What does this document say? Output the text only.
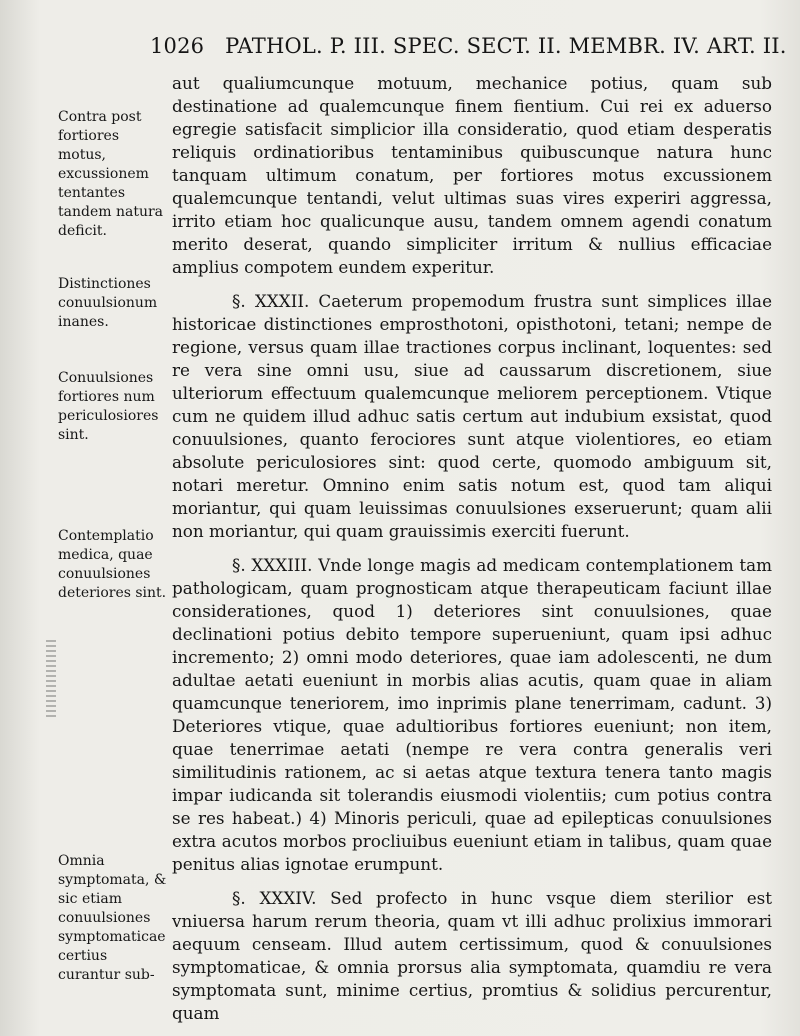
1026 PATHOL. P. III. SPEC. SECT. II. MEMBR. IV. ART. II.
Contra post fortiores motus, excussionem tentantes tandem natura deficit.
Distinctiones conuulsionum inanes.
Conuulsiones fortiores num periculosiores sint.
Contemplatio medica, quae conuulsiones deteriores sint.
Omnia symptomata, & sic etiam conuulsiones symptomaticae certius curantur sub-

aut qualiumcunque motuum, mechanice potius, quam sub destinatione ad qualemcunque finem fientium. Cui rei ex aduerso egregie satisfacit simplicior illa consideratio, quod etiam desperatis reliquis ordinatioribus tentaminibus quibuscunque natura hunc tanquam ultimum conatum, per fortiores motus excussionem qualemcunque tentandi, velut ultimas suas vires experiri aggressa, irrito etiam hoc qualicunque ausu, tandem omnem agendi conatum merito deserat, quando simpliciter irritum & nullius efficaciae amplius compotem eundem experitur.

§. XXXII. Caeterum propemodum frustra sunt simplices illae historicae distinctiones emprosthotoni, opisthotoni, tetani; nempe de regione, versus quam illae tractiones corpus inclinant, loquentes: sed re vera sine omni usu, siue ad caussarum discretionem, siue ulteriorum effectuum qualemcunque meliorem perceptionem. Vtique cum ne quidem illud adhuc satis certum aut indubium exsistat, quod conuulsiones, quanto ferociores sunt atque violentiores, eo etiam absolute periculosiores sint: quod certe, quomodo ambiguum sit, notari meretur. Omnino enim satis notum est, quod tam aliqui moriantur, qui quam leuissimas conuulsiones exseruerunt; quam alii non moriantur, qui quam grauissimis exerciti fuerunt.

§. XXXIII. Vnde longe magis ad medicam contemplationem tam pathologicam, quam prognosticam atque therapeuticam faciunt illae considerationes, quod 1) deteriores sint conuulsiones, quae declinationi potius debito tempore superueniunt, quam ipsi adhuc incremento; 2) omni modo deteriores, quae iam adolescenti, ne dum adultae aetati eueniunt in morbis alias acutis, quam quae in aliam quamcunque teneriorem, imo inprimis plane tenerrimam, cadunt. 3) Deteriores vtique, quae adultioribus fortiores eueniunt; non item, quae tenerrimae aetati (nempe re vera contra generalis veri similitudinis rationem, ac si aetas atque textura tenera tanto magis impar iudicanda sit tolerandis eiusmodi violentiis; cum potius contra se res habeat.) 4) Minoris periculi, quae ad epilepticas conuulsiones extra acutos morbos procliuibus eueniunt etiam in talibus, quam quae penitus alias ignotae erumpunt.

§. XXXIV. Sed profecto in hunc vsque diem sterilior est vniuersa harum rerum theoria, quam vt illi adhuc prolixius immorari aequum censeam. Illud autem certissimum, quod & conuulsiones symptomaticae, & omnia prorsus alia symptomata, quamdiu re vera symptomata sunt, minime certius, promtius & solidius percurentur, quam
